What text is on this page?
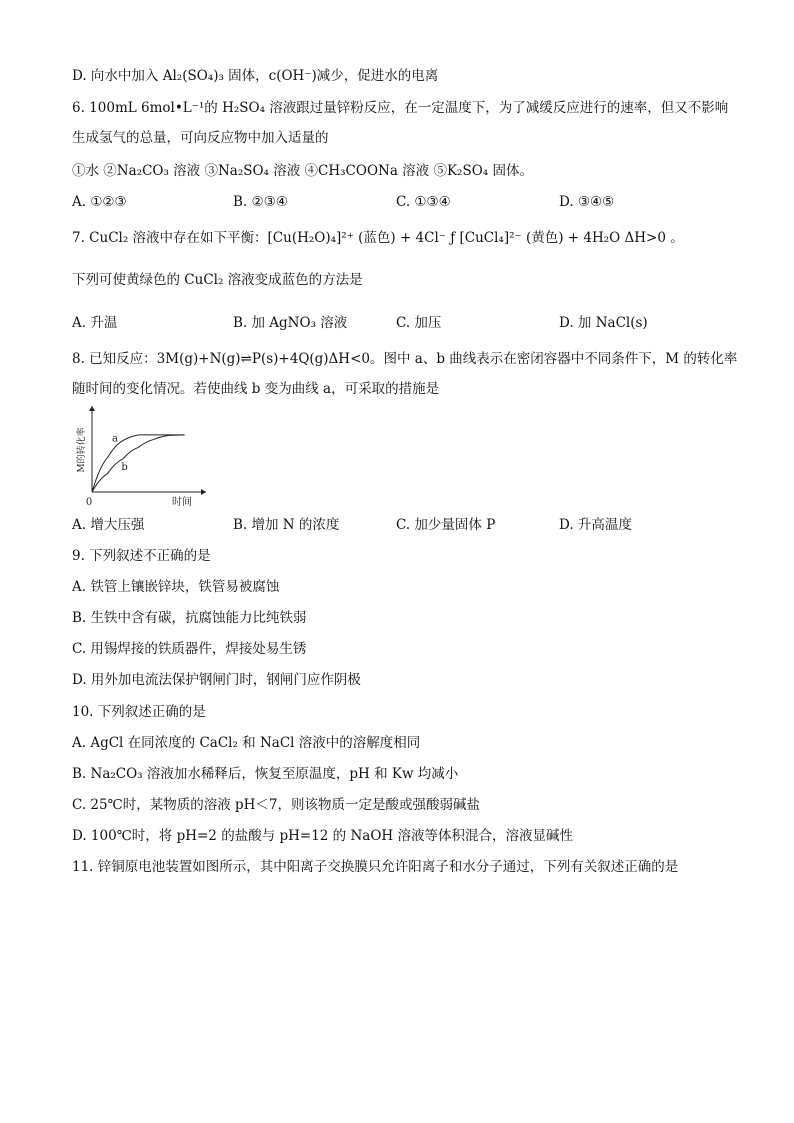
D. 向水中加入 Al₂(SO₄)₃ 固体，c(OH⁻)减少，促进水的电离
6. 100mL 6mol•L⁻¹的 H₂SO₄ 溶液跟过量锌粉反应，在一定温度下，为了减缓反应进行的速率，但又不影响
生成氢气的总量，可向反应物中加入适量的
①水 ②Na₂CO₃ 溶液 ③Na₂SO₄ 溶液 ④CH₃COONa 溶液 ⑤K₂SO₄ 固体。
A. ①②③	B. ②③④	C. ①③④	D. ③④⑤
7. CuCl₂ 溶液中存在如下平衡：[Cu(H₂O)₄]²⁺ (蓝色) + 4Cl⁻ ƒ [CuCl₄]²⁻ (黄色) + 4H₂O ΔH>0 。
下列可使黄绿色的 CuCl₂ 溶液变成蓝色的方法是
A. 升温	B. 加 AgNO₃ 溶液	C. 加压	D. 加 NaCl(s)
8. 已知反应：3M(g)+N(g)⇌P(s)+4Q(g)ΔH<0。图中 a、b 曲线表示在密闭容器中不同条件下，M 的转化率
随时间的变化情况。若使曲线 b 变为曲线 a，可采取的措施是
a
b
0	时间
M的转化率
A. 增大压强	B. 增加 N 的浓度	C. 加少量固体 P	D. 升高温度
9. 下列叙述不正确的是
A. 铁管上镶嵌锌块，铁管易被腐蚀
B. 生铁中含有碳，抗腐蚀能力比纯铁弱
C. 用锡焊接的铁质器件，焊接处易生锈
D. 用外加电流法保护钢闸门时，钢闸门应作阴极
10. 下列叙述正确的是
A. AgCl 在同浓度的 CaCl₂ 和 NaCl 溶液中的溶解度相同
B. Na₂CO₃ 溶液加水稀释后，恢复至原温度，pH 和 Kw 均减小
C. 25℃时，某物质的溶液 pH＜7，则该物质一定是酸或强酸弱碱盐
D. 100℃时，将 pH=2 的盐酸与 pH=12 的 NaOH 溶液等体积混合，溶液显碱性
11. 锌铜原电池装置如图所示，其中阳离子交换膜只允许阳离子和水分子通过，下列有关叙述正确的是
